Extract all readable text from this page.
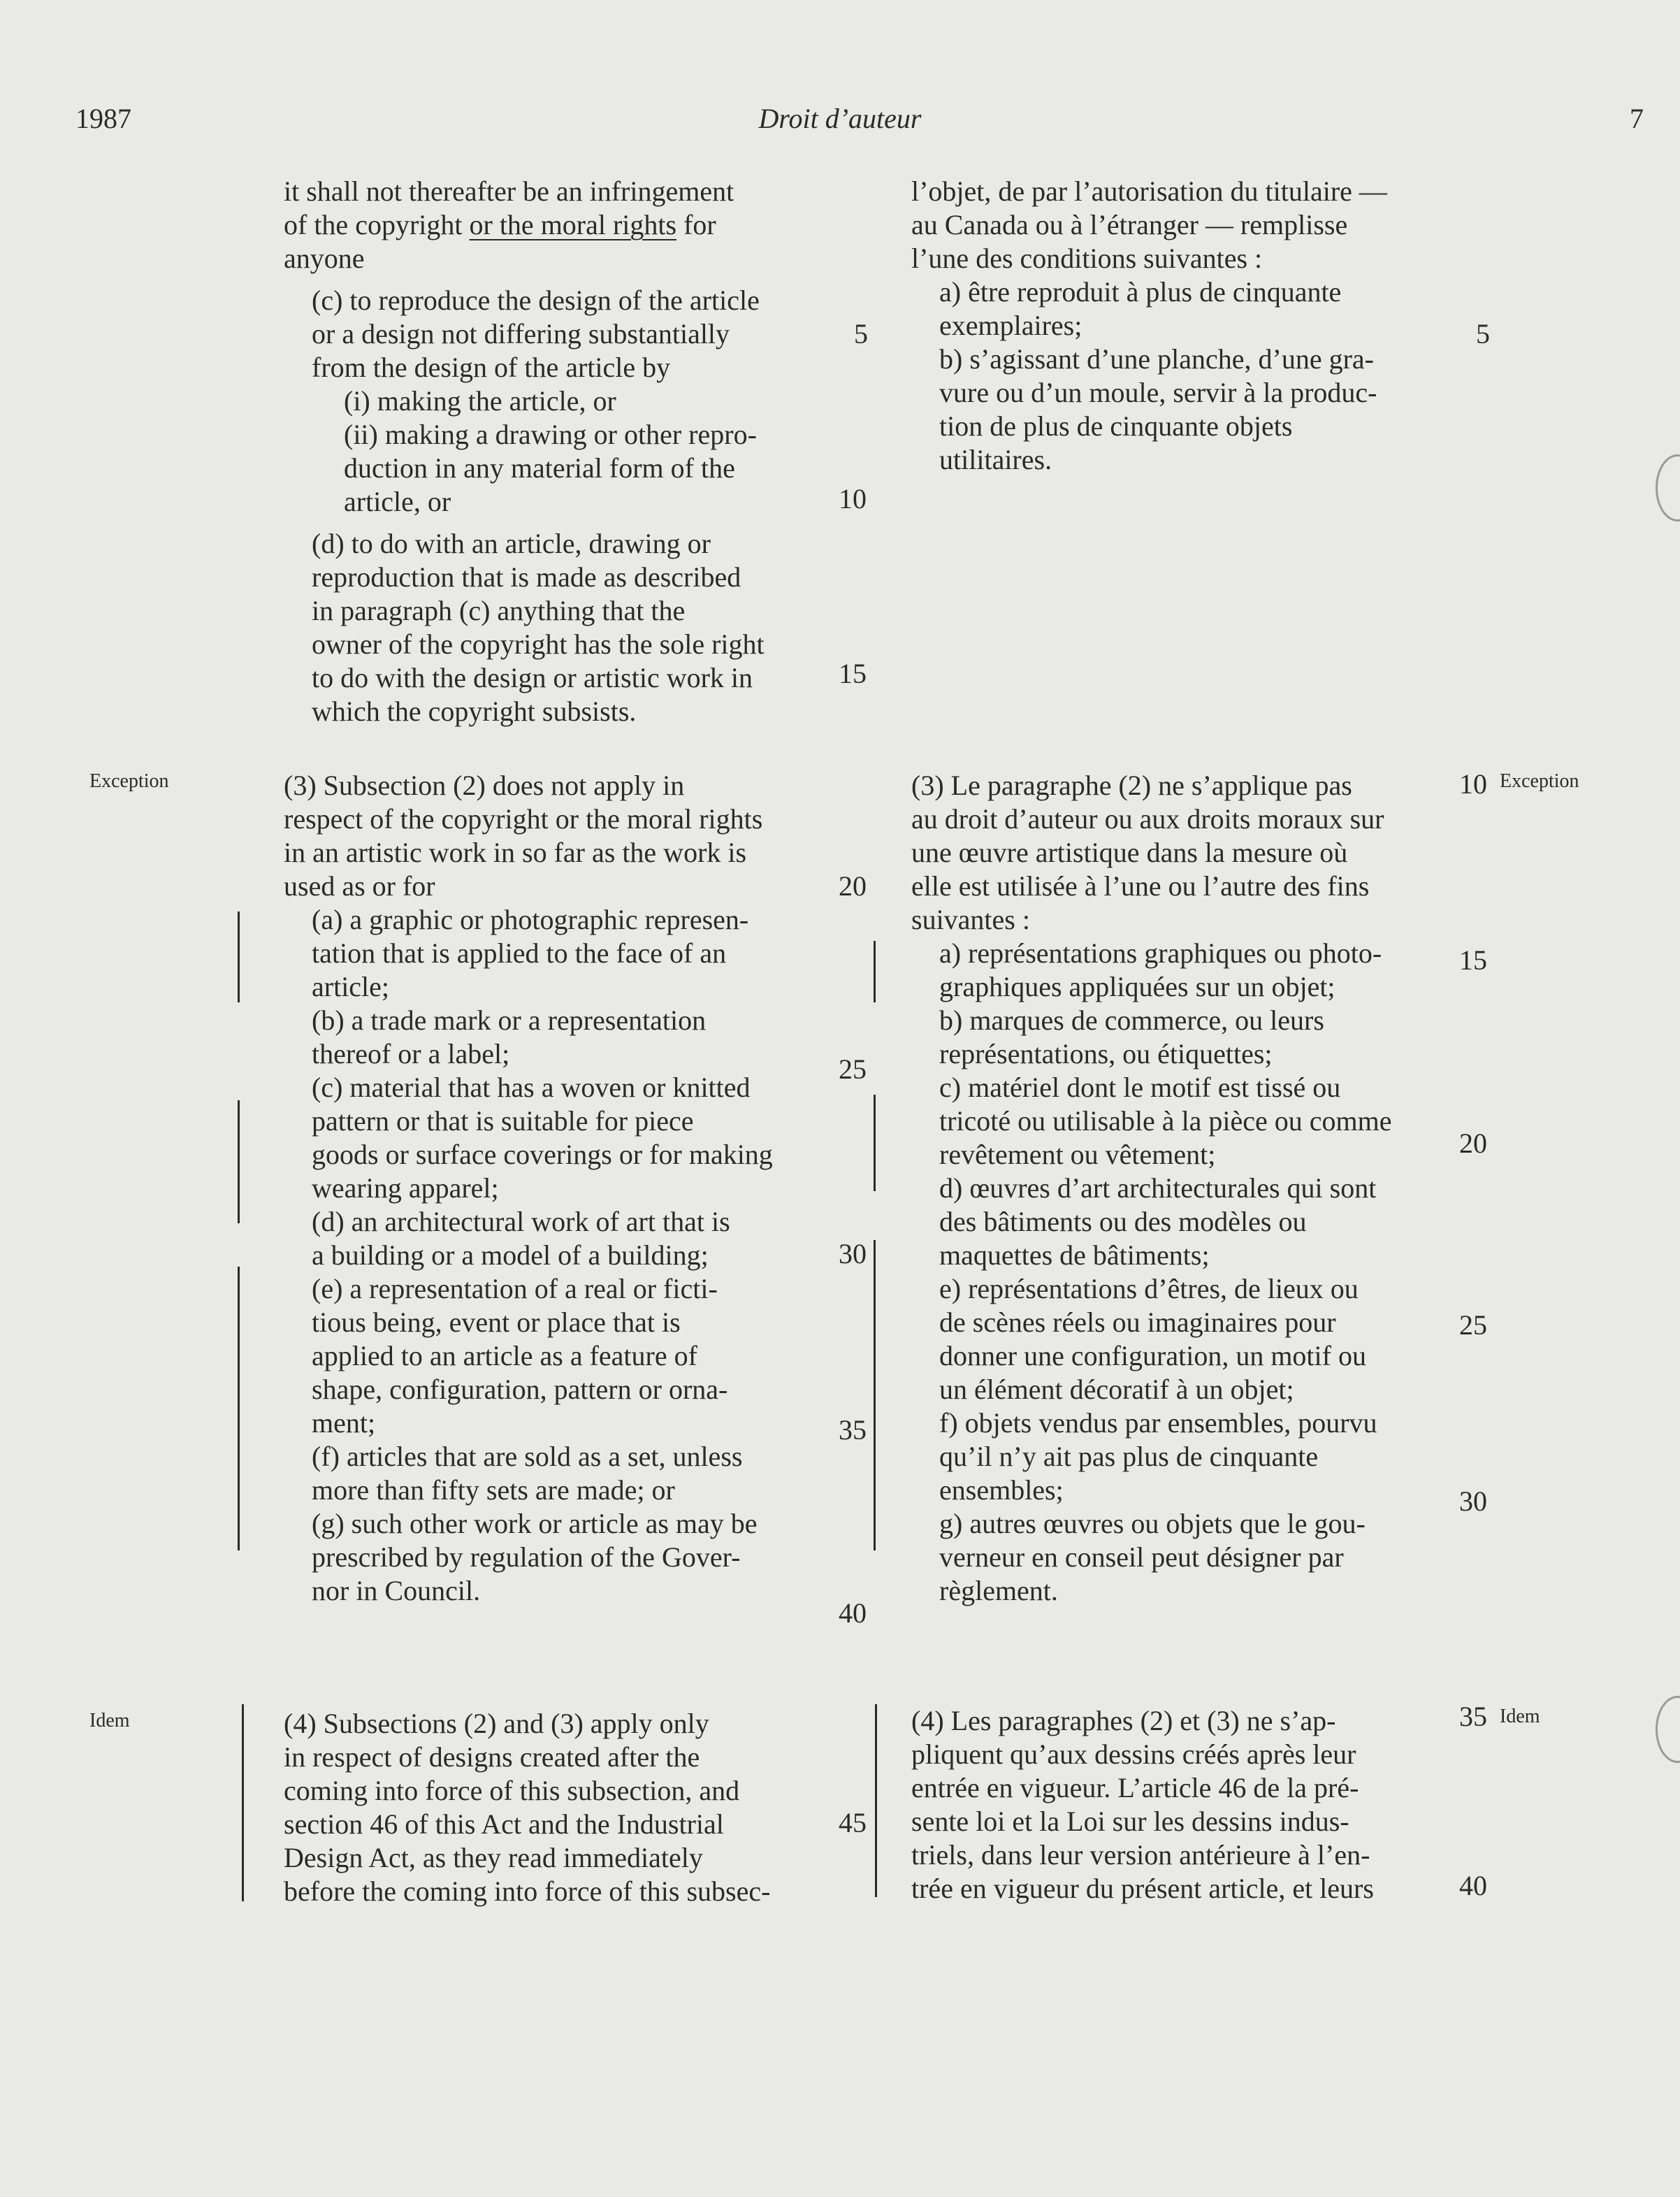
1987	Droit d’auteur	7
Exception	Exception
Idem	Idem

it shall not thereafter be an infringement
of the copyright or the moral rights for
anyone

(c) to reproduce the design of the article
or a design not differing substantially
from the design of the article by

(i) making the article, or

(ii) making a drawing or other repro-
duction in any material form of the
article, or

(d) to do with an article, drawing or
reproduction that is made as described
in paragraph (c) anything that the
owner of the copyright has the sole right
to do with the design or artistic work in
which the copyright subsists.

(3) Subsection (2) does not apply in
respect of the copyright or the moral rights
in an artistic work in so far as the work is
used as or for

(a) a graphic or photographic represen-
tation that is applied to the face of an
article;

(b) a trade mark or a representation
thereof or a label;

(c) material that has a woven or knitted
pattern or that is suitable for piece
goods or surface coverings or for making
wearing apparel;

(d) an architectural work of art that is
a building or a model of a building;

(e) a representation of a real or ficti-
tious being, event or place that is
applied to an article as a feature of
shape, configuration, pattern or orna-
ment;

(f) articles that are sold as a set, unless
more than fifty sets are made; or

(g) such other work or article as may be
prescribed by regulation of the Gover-
nor in Council.

(4) Subsections (2) and (3) apply only
in respect of designs created after the
coming into force of this subsection, and
section 46 of this Act and the Industrial
Design Act, as they read immediately
before the coming into force of this subsec-

l’objet, de par l’autorisation du titulaire —
au Canada ou à l’étranger — remplisse
l’une des conditions suivantes :

a) être reproduit à plus de cinquante
exemplaires;

b) s’agissant d’une planche, d’une gra-
vure ou d’un moule, servir à la produc-
tion de plus de cinquante objets
utilitaires.

(3) Le paragraphe (2) ne s’applique pas
au droit d’auteur ou aux droits moraux sur
une œuvre artistique dans la mesure où
elle est utilisée à l’une ou l’autre des fins
suivantes :

a) représentations graphiques ou photo-
graphiques appliquées sur un objet;

b) marques de commerce, ou leurs
représentations, ou étiquettes;

c) matériel dont le motif est tissé ou
tricoté ou utilisable à la pièce ou comme
revêtement ou vêtement;

d) œuvres d’art architecturales qui sont
des bâtiments ou des modèles ou
maquettes de bâtiments;

e) représentations d’êtres, de lieux ou
de scènes réels ou imaginaires pour
donner une configuration, un motif ou
un élément décoratif à un objet;

f) objets vendus par ensembles, pourvu
qu’il n’y ait pas plus de cinquante
ensembles;

g) autres œuvres ou objets que le gou-
verneur en conseil peut désigner par
règlement.

(4) Les paragraphes (2) et (3) ne s’ap-
pliquent qu’aux dessins créés après leur
entrée en vigueur. L’article 46 de la pré-
sente loi et la Loi sur les dessins indus-
triels, dans leur version antérieure à l’en-
trée en vigueur du présent article, et leurs

5
10
15
20
25
30
35
40
45
5
10
15
20
25
30
35
40
